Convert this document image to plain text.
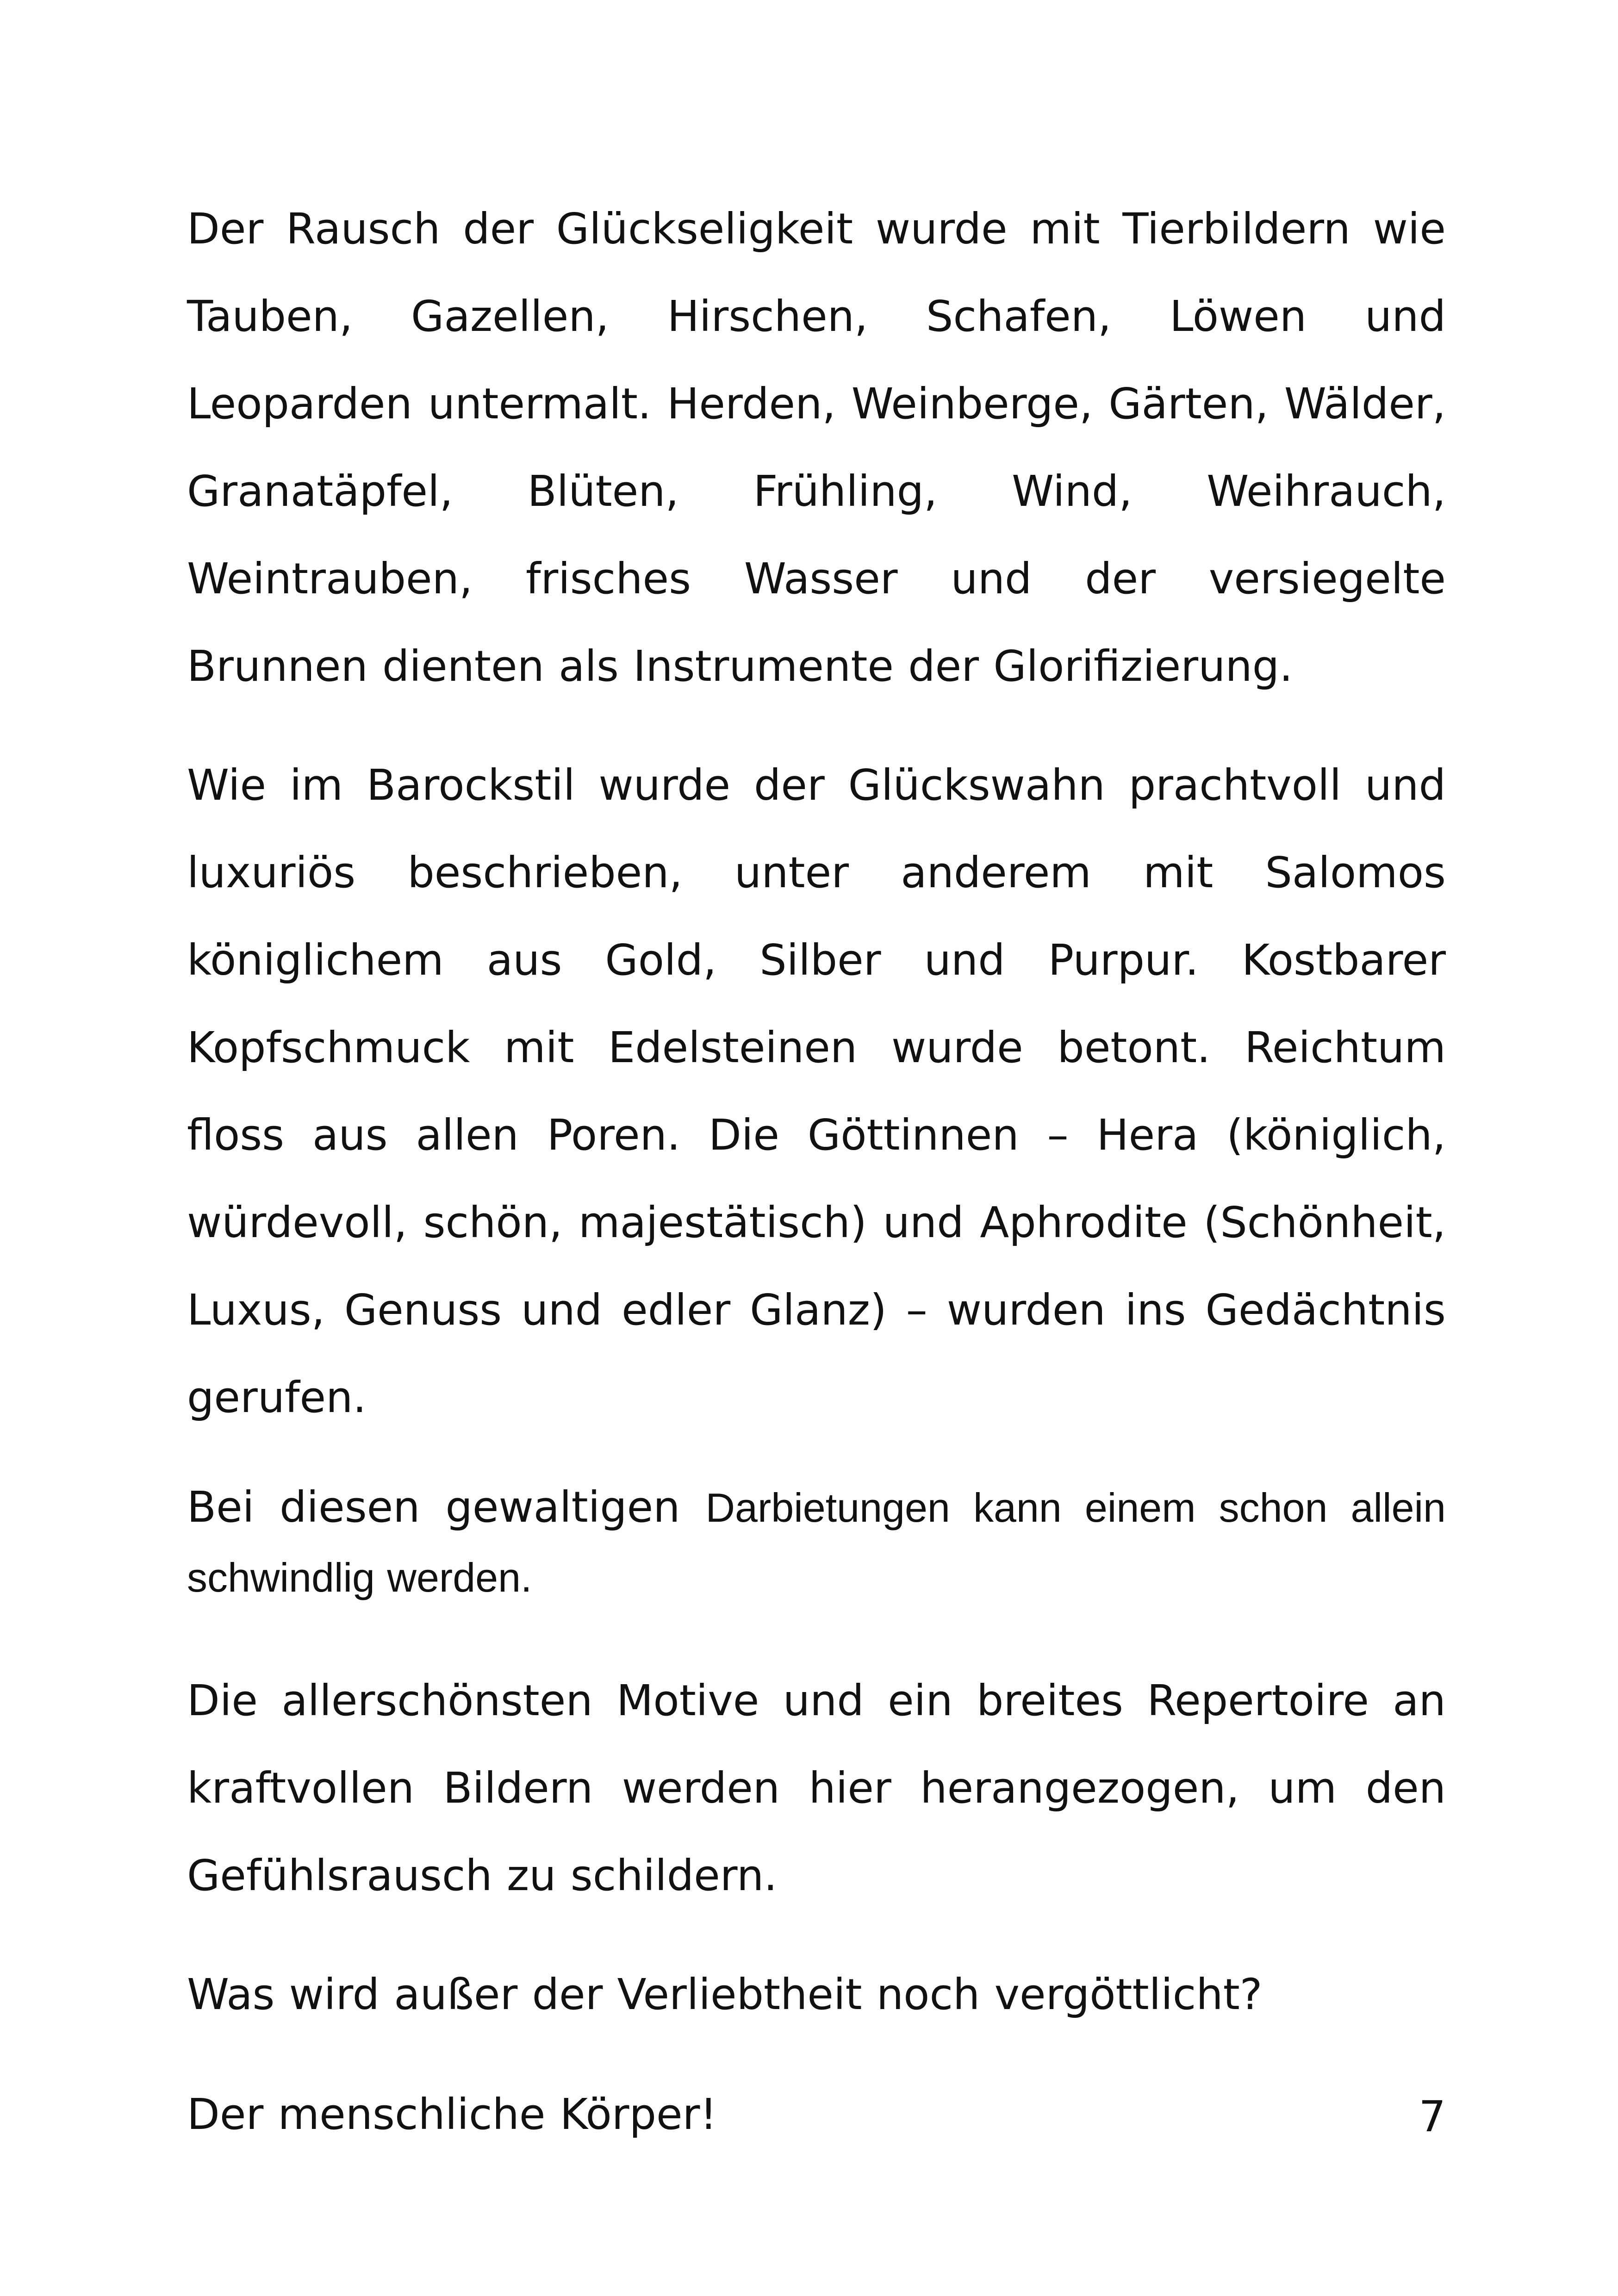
Der Rausch der Glückseligkeit wurde mit Tierbildern wie Tauben, Gazellen, Hirschen, Schafen, Löwen und Leoparden untermalt. Herden, Weinberge, Gärten, Wälder, Granatäpfel, Blüten, Frühling, Wind, Weihrauch, Weintrauben, frisches Wasser und der versiegelte Brunnen dienten als Instrumente der Glorifizierung.

Wie im Barockstil wurde der Glückswahn prachtvoll und luxuriös beschrieben, unter anderem mit Salomos königlichem aus Gold, Silber und Purpur. Kostbarer Kopfschmuck mit Edelsteinen wurde betont. Reichtum floss aus allen Poren. Die Göttinnen – Hera (königlich, würdevoll, schön, majestätisch) und Aphrodite (Schönheit, Luxus, Genuss und edler Glanz) – wurden ins Gedächtnis gerufen.

Bei diesen gewaltigen Darbietungen kann einem schon allein schwindlig werden.

Die allerschönsten Motive und ein breites Repertoire an kraftvollen Bildern werden hier herangezogen, um den Gefühlsrausch zu schildern.

Was wird außer der Verliebtheit noch vergöttlicht?

Der menschliche Körper!	7
